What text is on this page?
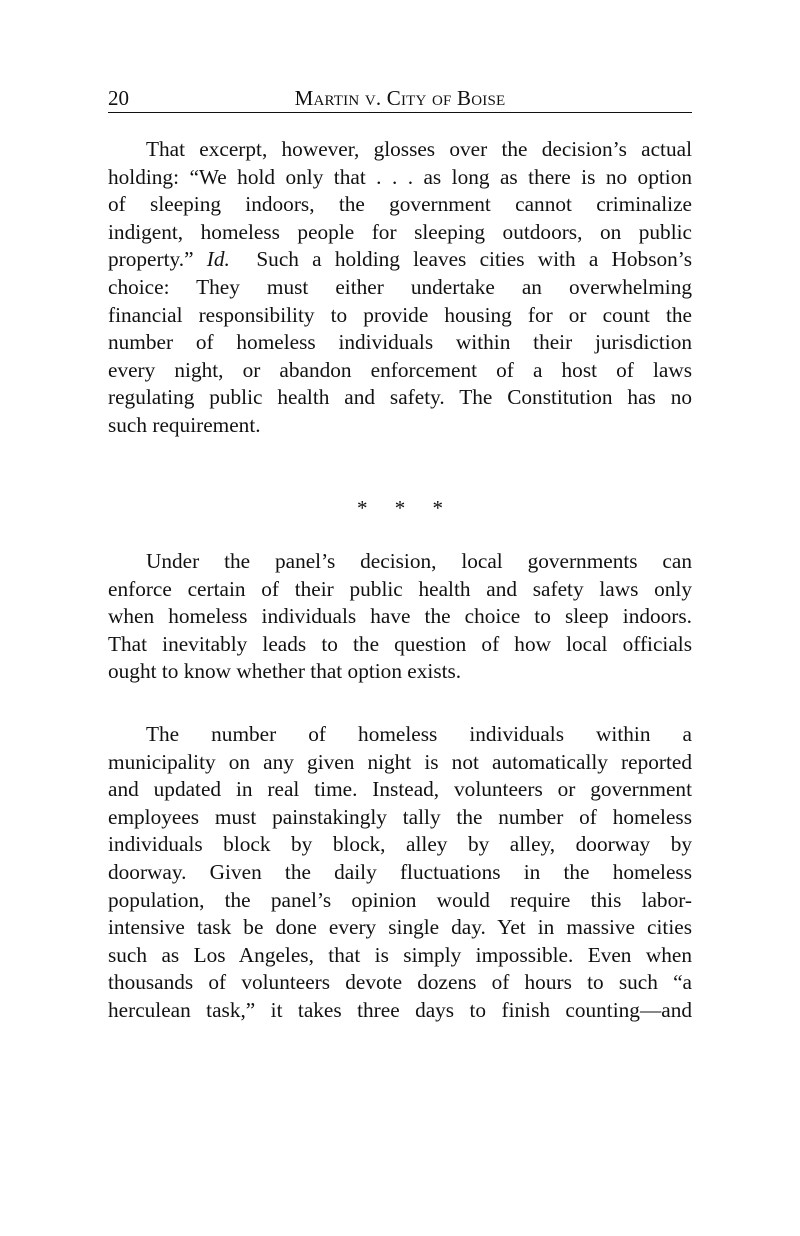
20	Martin v. City of Boise
That excerpt, however, glosses over the decision’s actual
holding: “We hold only that . . . as long as there is no option
of sleeping indoors, the government cannot criminalize
indigent, homeless people for sleeping outdoors, on public
property.” Id.  Such a holding leaves cities with a Hobson’s
choice: They must either undertake an overwhelming
financial responsibility to provide housing for or count the
number of homeless individuals within their jurisdiction
every night, or abandon enforcement of a host of laws
regulating public health and safety. The Constitution has no
such requirement.
* * *
Under the panel’s decision, local governments can
enforce certain of their public health and safety laws only
when homeless individuals have the choice to sleep indoors.
That inevitably leads to the question of how local officials
ought to know whether that option exists.
The number of homeless individuals within a
municipality on any given night is not automatically reported
and updated in real time. Instead, volunteers or government
employees must painstakingly tally the number of homeless
individuals block by block, alley by alley, doorway by
doorway. Given the daily fluctuations in the homeless
population, the panel’s opinion would require this labor-
intensive task be done every single day. Yet in massive cities
such as Los Angeles, that is simply impossible. Even when
thousands of volunteers devote dozens of hours to such “a
herculean task,” it takes three days to finish counting—and
